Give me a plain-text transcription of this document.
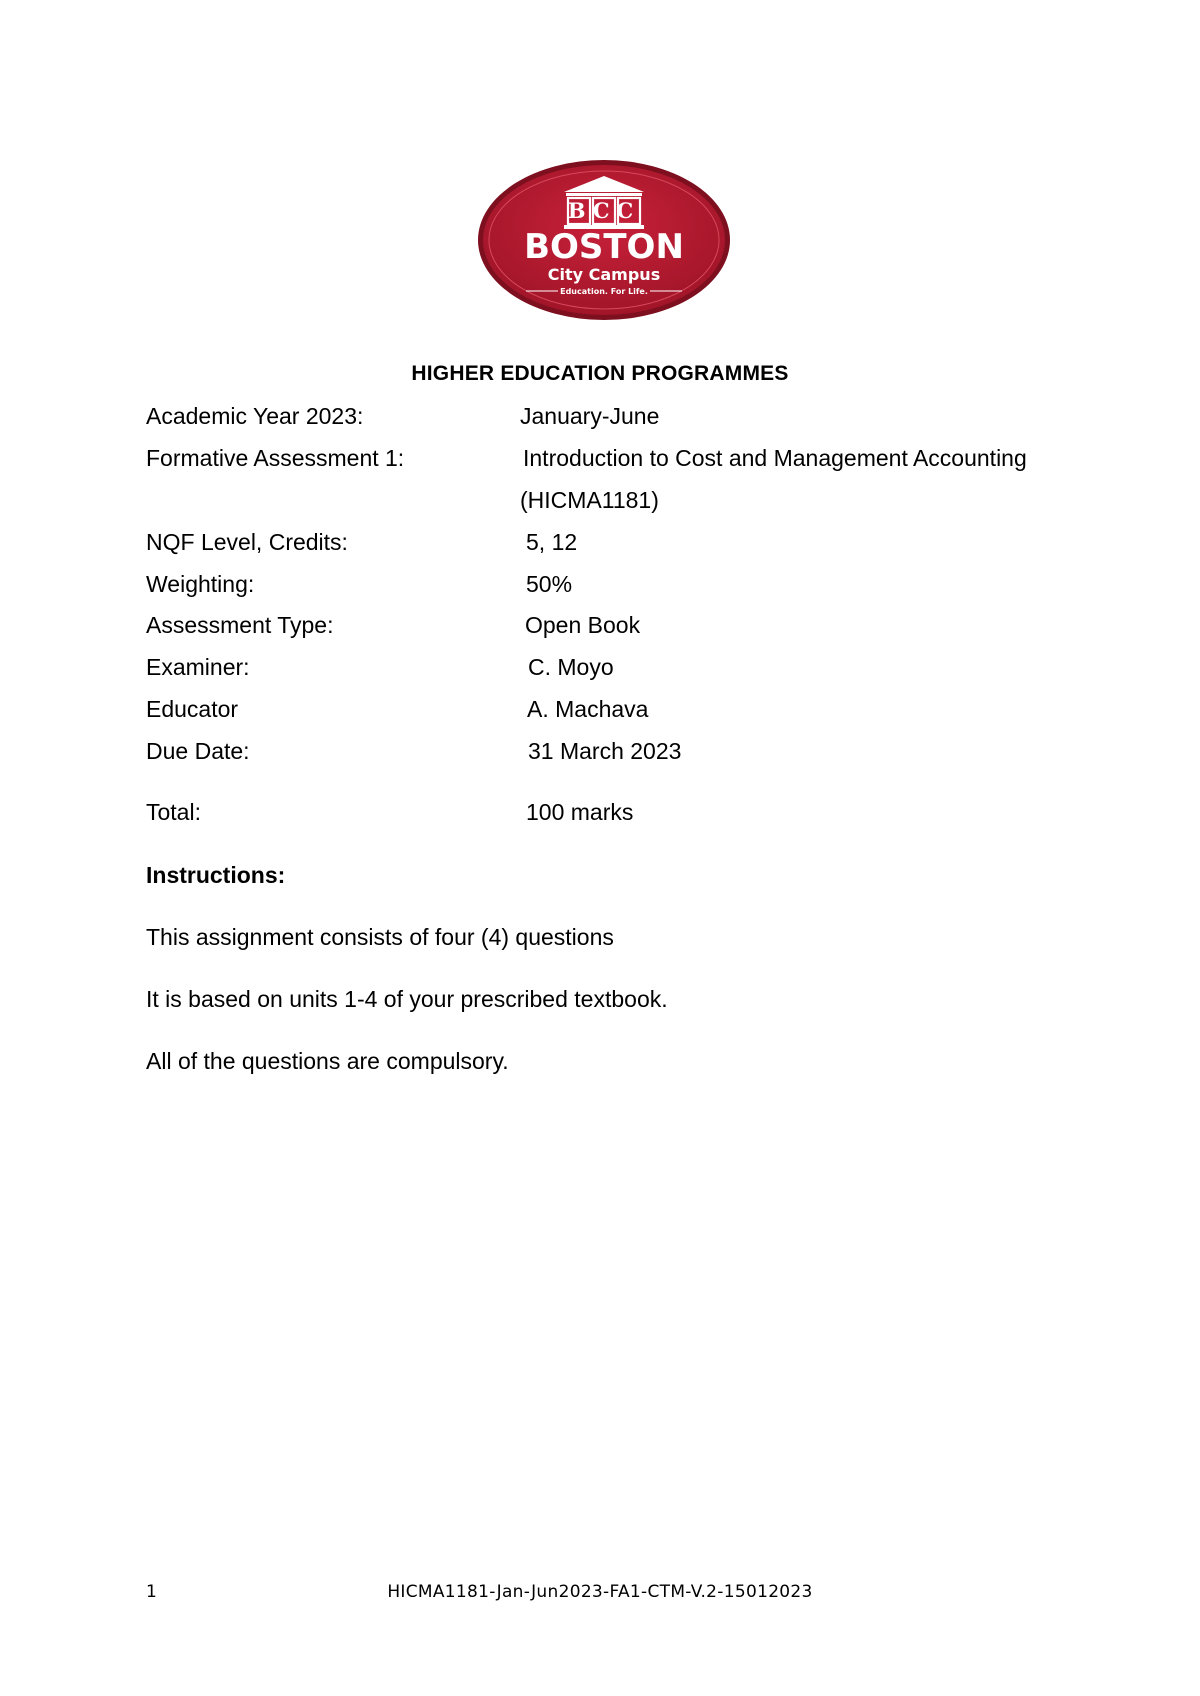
BCC
BOSTON
City Campus
Education. For Life.
HIGHER EDUCATION PROGRAMMES
Academic Year 2023:	January-June
Formative Assessment 1:	Introduction to Cost and Management Accounting
(HICMA1181)
NQF Level, Credits:	5, 12
Weighting:	50%
Assessment Type:	Open Book
Examiner:	C. Moyo
Educator	A. Machava
Due Date:	31 March 2023
Total:	100 marks
Instructions:
This assignment consists of four (4) questions
It is based on units 1-4 of your prescribed textbook.
All of the questions are compulsory.
1	HICMA1181-Jan-Jun2023-FA1-CTM-V.2-15012023
